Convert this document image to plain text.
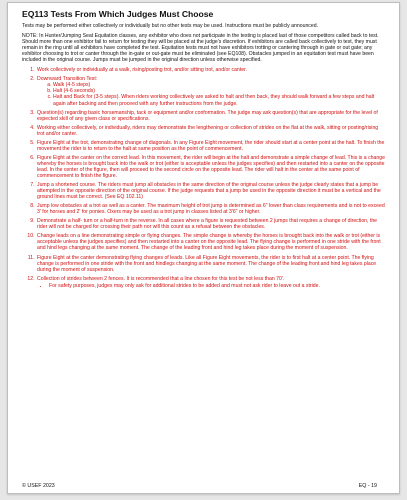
EQ113 Tests From Which Judges Must Choose

Tests may be performed either collectively or individually but no other tests may be used. Instructions must be publicly announced.

NOTE: In Hunter/Jumping Seat Equitation classes, any exhibitor who does not participate in the testing is placed last of those competitors called back to test. Should more than one exhibitor fail to return for testing they will be placed at the judge’s discretion. If exhibitors are called back collectively to test, they must remain in the ring until all exhibitors have completed the test. Equitation tests must not have exhibitors trotting or cantering through in gate or out gate; any exhibitor choosing to trot or canter through the in-gate or out-gate must be eliminated (see EQ108). Obstacles jumped in an equitation test must have been included in the original course. Jumps must be jumped in the original direction unless otherwise specified.

1. Work collectively or individually at a walk, rising/posting trot, and/or sitting trot, and/or canter.
2. Downward Transition Test:
a. Walk (4-5 steps)
b. Halt (4-6 seconds)
c. Halt and Back for (3-5 steps). When riders working collectively are asked to halt and then back, they should walk forward a few steps and halt again after backing and then proceed with any further instructions from the judge.
3. Question(s) regarding basic horsemanship, tack or equipment and/or conformation. The judge may ask question(s) that are appropriate for the level of expected skill of any given class or specifications.
4. Working either collectively, or individually, riders may demonstrate the lengthening or collection of strides on the flat at the walk, sitting or posting/rising trot and/or canter.
5. Figure Eight at the trot, demonstrating change of diagonals. In any Figure Eight movement, the rider should start at a center point at the halt. To finish the movement the rider is to return to the halt at same position as the point of commencement.
6. Figure Eight at the canter on the correct lead. In this movement, the rider will begin at the halt and demonstrate a simple change of lead. This is a change whereby the horses is brought back into the walk or trot (either is acceptable unless the judges specifies) and then restarted into a canter on the opposite lead. In the center of the figure, then will proceed to the second circle on the opposite lead. The rider will halt in the center at the same point of commencement to finish the figure.
7. Jump a shortened course. The riders must jump all obstacles in the same direction of the original course unless the judge clearly states that a jump be attempted in the opposite direction of the original course. If the judge requests that a jump be used in the opposite direction it must be a vertical and the ground lines must be correct. (See EQ 102.11)
8. Jump low obstacles at a trot as well as a canter. The maximum height of trot jump is determined as 6" lower than class requirements and is not to exceed 3' for horses and 2' for ponies. Oxers may be used as a trot jump in classes listed at 3'6" or higher.
9. Demonstrate a half- turn or a half-turn in the reverse. In all cases where a figure is requested between 2 jumps that requires a change of direction, the rider will not be charged for crossing their path nor will this count as a refusal between the obstacles.
10. Change leads on a line demonstrating simple or flying changes. The simple change is whereby the horses is brought back into the walk or trot (either is acceptable unless the judges specifies) and then restarted into a canter on the opposite lead. The flying change is performed in one stride with the front and hind legs changing at the same moment. The change of the leading front and hind leg takes place during the moment of suspension.
11. Figure Eight at the canter demonstrating flying changes of leads. Like all Figure Eight movements, the rider is to first halt at a center point. The flying change is performed in one stride with the front and hindlegs changing at the same moment. The change of the leading front and hind leg takes place during the moment of suspension.
12. Collection of strides between 2 fences. It is recommended that a line chosen for this test be not less than 70'.
• For safety purposes, judges may only ask for additional strides to be added and must not ask rider to leave out a stride.
© USEF 2023	EQ - 19
